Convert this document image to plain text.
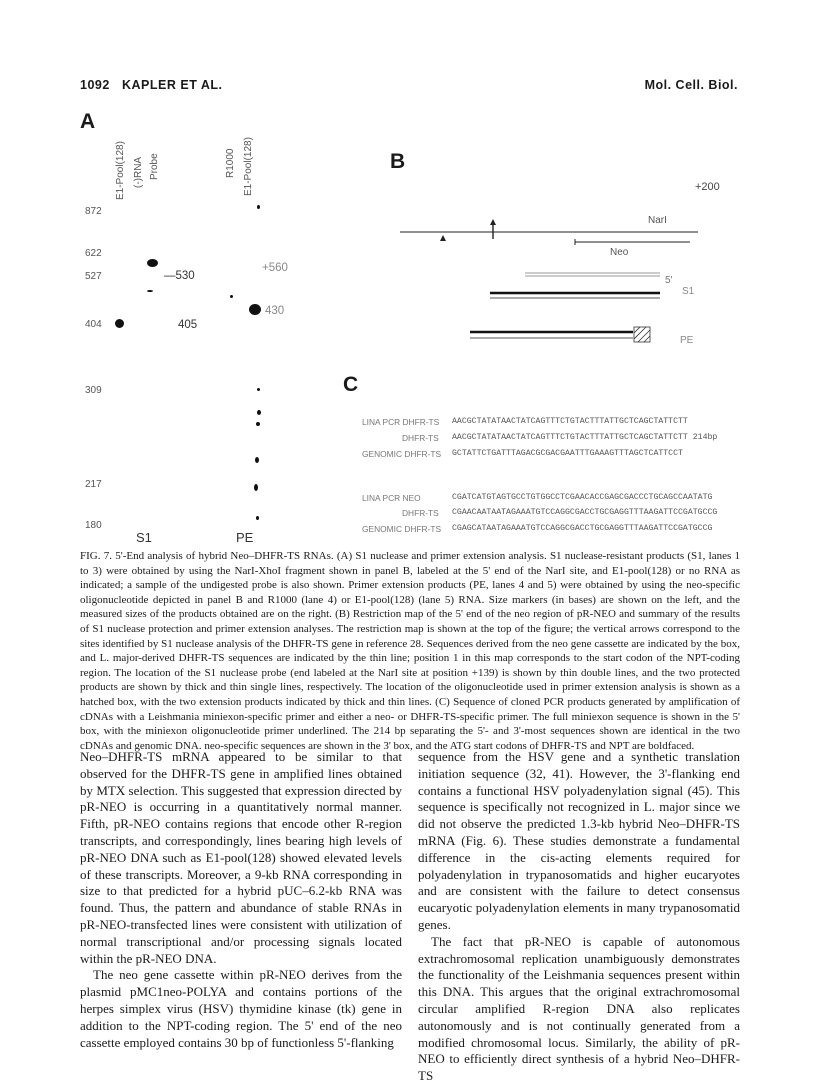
1092 KAPLER ET AL.	Mol. Cell. Biol.
A
E1-Pool(128) (-)RNA Probe	R1000 E1-Pool(128)
872
622
527
404
309
217
180
—530
405
+560
430
S1	PE
B
+200
NarI
Neo
5'
S1
PE
C
LINA PCR DHFR-TS AACGCTATATAACTATCAGTTTCTGTACTTTATTGCTCAGCTATTCTT
DHFR-TS AACGCTATATAACTATCAGTTTCTGTACTTTATTGCTCAGCTATTCTT 214bp
GENOMIC DHFR-TS GCTATTCTGATTTAGACGCGACGAATTTGAAAGTTTAGCTCATTCCT
LINA PCR NEO	CGATCATGTAGTGCCTGTGGCCTCGAACACCGAGCGACCCTGCAGCCAATATG
DHFR-TS CGAACAATAATAGAAATGTCCAGGCGACCTGCGAGGTTTAAGATTCCGATGCCG
GENOMIC DHFR-TS CGAGCATAATAGAAATGTCCAGGCGACCTGCGAGGTTTAAGATTCCGATGCCG
FIG. 7. 5'-End analysis of hybrid Neo–DHFR-TS RNAs. (A) S1 nuclease and primer extension analysis. S1 nuclease-resistant products (S1, lanes 1 to 3) were obtained by using the NarI-XhoI fragment shown in panel B, labeled at the 5' end of the NarI site, and E1-pool(128) or no RNA as indicated; a sample of the undigested probe is also shown. Primer extension products (PE, lanes 4 and 5) were obtained by using the neo-specific oligonucleotide depicted in panel B and R1000 (lane 4) or E1-pool(128) (lane 5) RNA. Size markers (in bases) are shown on the left, and the measured sizes of the products obtained are on the right. (B) Restriction map of the 5' end of the neo region of pR-NEO and summary of the results of S1 nuclease protection and primer extension analyses. The restriction map is shown at the top of the figure; the vertical arrows correspond to the sites identified by S1 nuclease analysis of the DHFR-TS gene in reference 28. Sequences derived from the neo gene cassette are indicated by the box, and L. major-derived DHFR-TS sequences are indicated by the thin line; position 1 in this map corresponds to the start codon of the NPT-coding region. The location of the S1 nuclease probe (end labeled at the NarI site at position +139) is shown by thin double lines, and the two protected products are shown by thick and thin single lines, respectively. The location of the oligonucleotide used in primer extension analysis is shown as a hatched box, with the two extension products indicated by thick and thin lines. (C) Sequence of cloned PCR products generated by amplification of cDNAs with a Leishmania miniexon-specific primer and either a neo- or DHFR-TS-specific primer. The full miniexon sequence is shown in the 5' box, with the miniexon oligonucleotide primer underlined. The 214 bp separating the 5'- and 3'-most sequences shown are identical in the two cDNAs and genomic DNA. neo-specific sequences are shown in the 3' box, and the ATG start codons of DHFR-TS and NPT are boldfaced.

Neo–DHFR-TS mRNA appeared to be similar to that observed for the DHFR-TS gene in amplified lines obtained by MTX selection. This suggested that expression directed by pR-NEO is occurring in a quantitatively normal manner. Fifth, pR-NEO contains regions that encode other R-region transcripts, and correspondingly, lines bearing high levels of pR-NEO DNA such as E1-pool(128) showed elevated levels of these transcripts. Moreover, a 9-kb RNA corresponding in size to that predicted for a hybrid pUC–6.2-kb RNA was found. Thus, the pattern and abundance of stable RNAs in pR-NEO-transfected lines were consistent with utilization of normal transcriptional and/or processing signals located within the pR-NEO DNA.

The neo gene cassette within pR-NEO derives from the plasmid pMC1neo-POLYA and contains portions of the herpes simplex virus (HSV) thymidine kinase (tk) gene in addition to the NPT-coding region. The 5' end of the neo cassette employed contains 30 bp of functionless 5'-flanking

sequence from the HSV gene and a synthetic translation initiation sequence (32, 41). However, the 3'-flanking end contains a functional HSV polyadenylation signal (45). This sequence is specifically not recognized in L. major since we did not observe the predicted 1.3-kb hybrid Neo–DHFR-TS mRNA (Fig. 6). These studies demonstrate a fundamental difference in the cis-acting elements required for polyadenylation in trypanosomatids and higher eucaryotes and are consistent with the failure to detect consensus eucaryotic polyadenylation elements in many trypanosomatid genes.

The fact that pR-NEO is capable of autonomous extrachromosomal replication unambiguously demonstrates the functionality of the Leishmania sequences present within this DNA. This argues that the original extrachromosomal circular amplified R-region DNA also replicates autonomously and is not continually generated from a modified chromosomal locus. Similarly, the ability of pR-NEO to efficiently direct synthesis of a hybrid Neo–DHFR-TS
